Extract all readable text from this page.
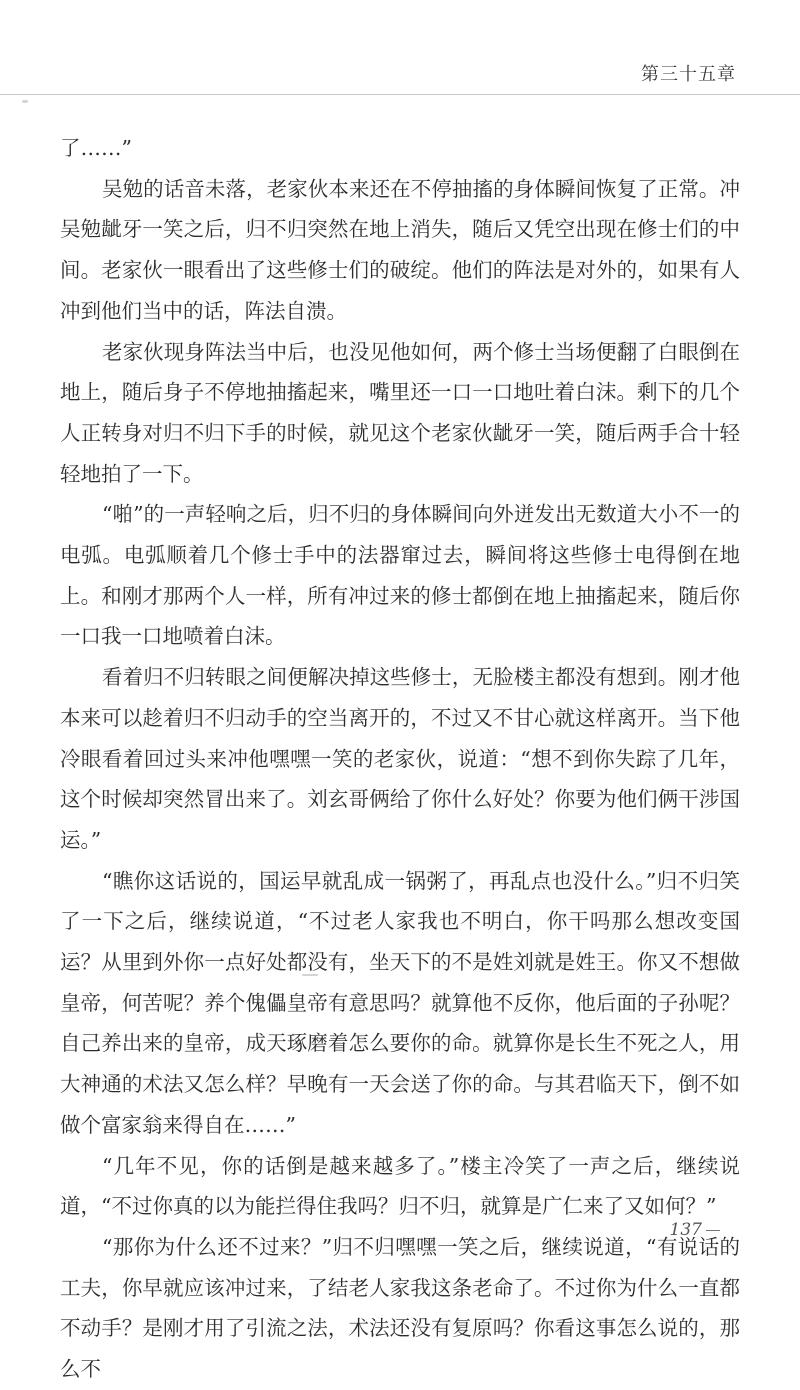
第三十五章

了……”

吴勉的话音未落，老家伙本来还在不停抽搐的身体瞬间恢复了正常。冲吴勉龇牙一笑之后，归不归突然在地上消失，随后又凭空出现在修士们的中间。老家伙一眼看出了这些修士们的破绽。他们的阵法是对外的，如果有人冲到他们当中的话，阵法自溃。

老家伙现身阵法当中后，也没见他如何，两个修士当场便翻了白眼倒在地上，随后身子不停地抽搐起来，嘴里还一口一口地吐着白沫。剩下的几个人正转身对归不归下手的时候，就见这个老家伙龇牙一笑，随后两手合十轻轻地拍了一下。

“啪”的一声轻响之后，归不归的身体瞬间向外迸发出无数道大小不一的电弧。电弧顺着几个修士手中的法器窜过去，瞬间将这些修士电得倒在地上。和刚才那两个人一样，所有冲过来的修士都倒在地上抽搐起来，随后你一口我一口地喷着白沫。

看着归不归转眼之间便解决掉这些修士，无脸楼主都没有想到。刚才他本来可以趁着归不归动手的空当离开的，不过又不甘心就这样离开。当下他冷眼看着回过头来冲他嘿嘿一笑的老家伙，说道：“想不到你失踪了几年，这个时候却突然冒出来了。刘玄哥俩给了你什么好处？你要为他们俩干涉国运。”

“瞧你这话说的，国运早就乱成一锅粥了，再乱点也没什么。”归不归笑了一下之后，继续说道，“不过老人家我也不明白，你干吗那么想改变国运？从里到外你一点好处都没有，坐天下的不是姓刘就是姓王。你又不想做皇帝，何苦呢？养个傀儡皇帝有意思吗？就算他不反你，他后面的子孙呢？自己养出来的皇帝，成天琢磨着怎么要你的命。就算你是长生不死之人，用大神通的术法又怎么样？早晚有一天会送了你的命。与其君临天下，倒不如做个富家翁来得自在……”

“几年不见，你的话倒是越来越多了。”楼主冷笑了一声之后，继续说道，“不过你真的以为能拦得住我吗？归不归，就算是广仁来了又如何？”

“那你为什么还不过来？”归不归嘿嘿一笑之后，继续说道，“有说话的工夫，你早就应该冲过来，了结老人家我这条老命了。不过你为什么一直都不动手？是刚才用了引流之法，术法还没有复原吗？你看这事怎么说的，那么不

137
